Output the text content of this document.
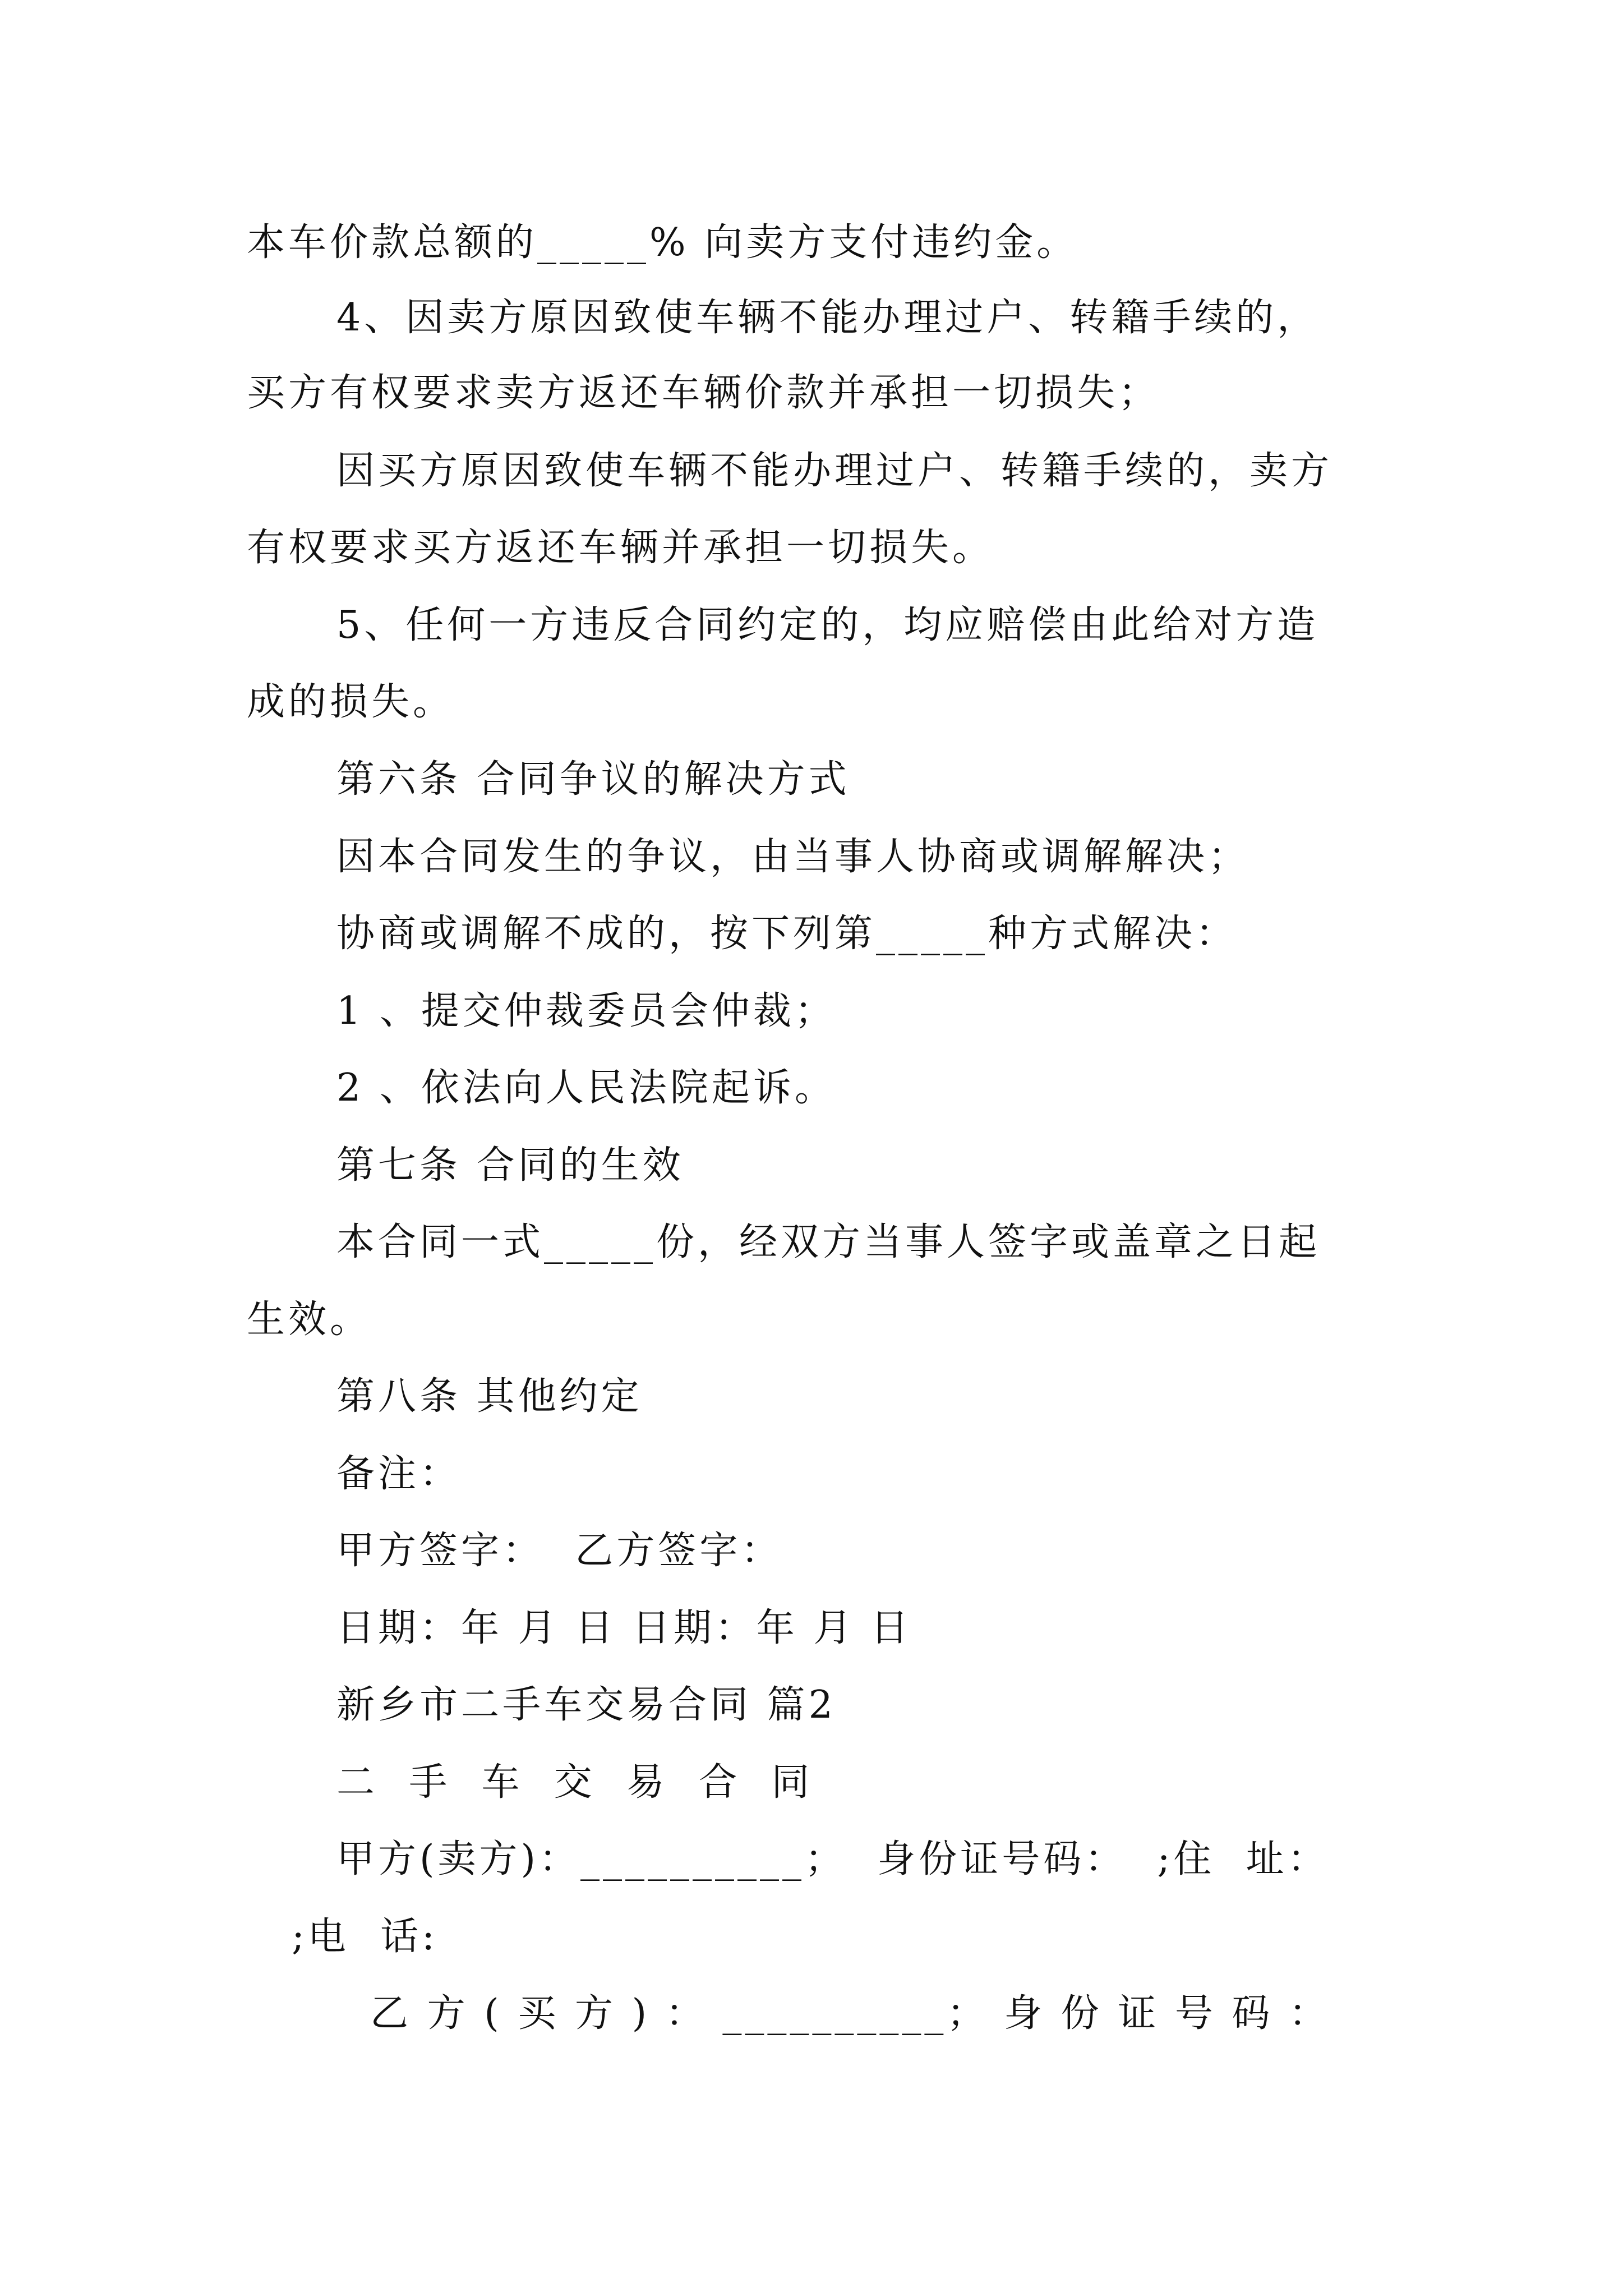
本车价款总额的_____% 向卖方支付违约金。
4、因卖方原因致使车辆不能办理过户、转籍手续的，
买方有权要求卖方返还车辆价款并承担一切损失；
因买方原因致使车辆不能办理过户、转籍手续的，卖方
有权要求买方返还车辆并承担一切损失。
5、任何一方违反合同约定的，均应赔偿由此给对方造
成的损失。
第六条 合同争议的解决方式
因本合同发生的争议，由当事人协商或调解解决；
协商或调解不成的，按下列第_____种方式解决：
1 、提交仲裁委员会仲裁；
2 、依法向人民法院起诉。
第七条 合同的生效
本合同一式_____份，经双方当事人签字或盖章之日起
生效。
第八条 其他约定
备注：
甲方签字：  乙方签字：
日期：年 月 日 日期：年 月 日
新乡市二手车交易合同 篇2
二  手  车  交  易  合  同
甲方(卖方)：__________；  身份证号码：  ;住  址：
;电  话:
乙 方 ( 买 方 ) ： __________； 身 份 证 号 码 ：
